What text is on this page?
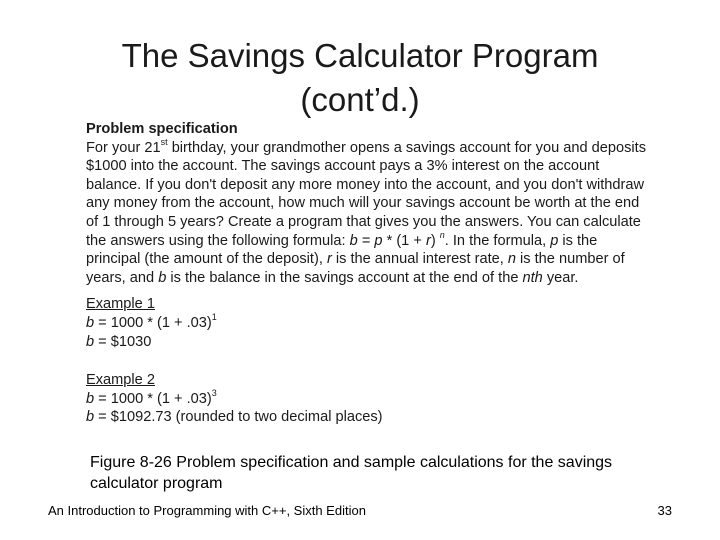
The Savings Calculator Program
(cont’d.)
Problem specification

For your 21st birthday, your grandmother opens a savings account for you and deposits $1000 into the account. The savings account pays a 3% interest on the account balance. If you don't deposit any more money into the account, and you don't withdraw any money from the account, how much will your savings account be worth at the end of 1 through 5 years? Create a program that gives you the answers. You can calculate the answers using the following formula: b = p * (1 + r) $^n$. In the formula, p is the principal (the amount of the deposit), r is the annual interest rate, n is the number of years, and b is the balance in the savings account at the end of the nth year.

Example 1
$b = 1000 * (1 + .03)^1$
b = $1030
Example 2
$b = 1000 * (1 + .03)^3$
b = $1092.73 (rounded to two decimal places)
Figure 8-26 Problem specification and sample calculations for the savings calculator program
An Introduction to Programming with C++, Sixth Edition	33
